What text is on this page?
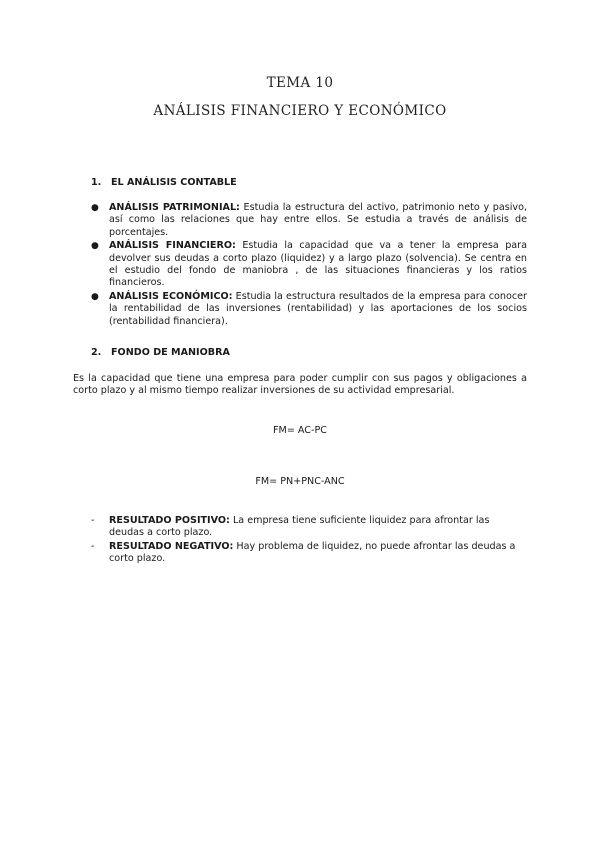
TEMA 10
ANÁLISIS FINANCIERO Y ECONÓMICO
1. EL ANÁLISIS CONTABLE
● ANÁLISIS PATRIMONIAL: Estudia la estructura del activo, patrimonio neto y pasivo, así como las relaciones que hay entre ellos. Se estudia a través de análisis de porcentajes.
● ANÁLISIS FINANCIERO: Estudia la capacidad que va a tener la empresa para devolver sus deudas a corto plazo (liquidez) y a largo plazo (solvencia). Se centra en el estudio del fondo de maniobra , de las situaciones financieras y los ratios financieros.
● ANÁLISIS ECONÓMICO: Estudia la estructura resultados de la empresa para conocer la rentabilidad de las inversiones (rentabilidad) y las aportaciones de los socios (rentabilidad financiera).
2. FONDO DE MANIOBRA
Es la capacidad que tiene una empresa para poder cumplir con sus pagos y obligaciones a corto plazo y al mismo tiempo realizar inversiones de su actividad empresarial.
FM= AC-PC
FM= PN+PNC-ANC
- RESULTADO POSITIVO: La empresa tiene suficiente liquidez para afrontar las deudas a corto plazo.
- RESULTADO NEGATIVO: Hay problema de liquidez, no puede afrontar las deudas a corto plazo.
